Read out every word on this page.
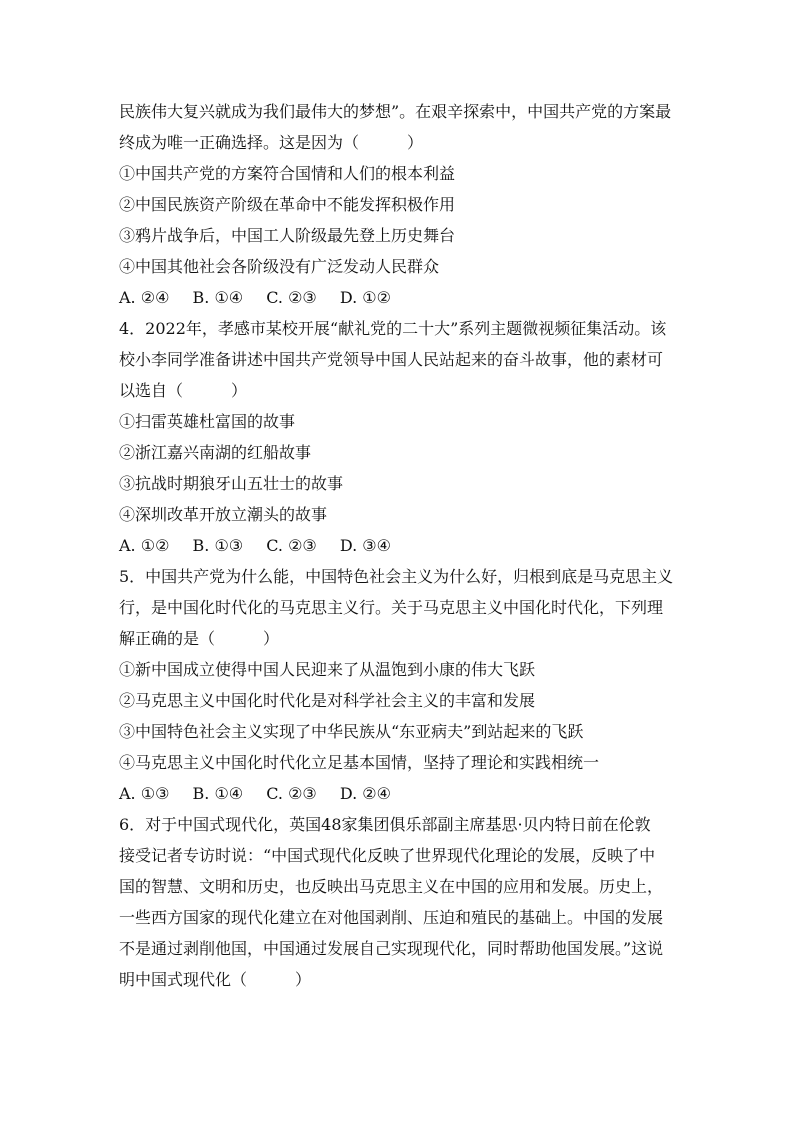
民族伟大复兴就成为我们最伟大的梦想”。在艰辛探索中，中国共产党的方案最
终成为唯一正确选择。这是因为（　　　）
①中国共产党的方案符合国情和人们的根本利益
②中国民族资产阶级在革命中不能发挥积极作用
③鸦片战争后，中国工人阶级最先登上历史舞台
④中国其他社会各阶级没有广泛发动人民群众
A. ②④ B. ①④ C. ②③ D. ①②
4．2022年，孝感市某校开展“献礼党的二十大”系列主题微视频征集活动。该
校小李同学准备讲述中国共产党领导中国人民站起来的奋斗故事，他的素材可
以选自（　　　）
①扫雷英雄杜富国的故事
②浙江嘉兴南湖的红船故事
③抗战时期狼牙山五壮士的故事
④深圳改革开放立潮头的故事
A. ①② B. ①③ C. ②③ D. ③④
5．中国共产党为什么能，中国特色社会主义为什么好，归根到底是马克思主义
行，是中国化时代化的马克思主义行。关于马克思主义中国化时代化，下列理
解正确的是（　　　）
①新中国成立使得中国人民迎来了从温饱到小康的伟大飞跃
②马克思主义中国化时代化是对科学社会主义的丰富和发展
③中国特色社会主义实现了中华民族从“东亚病夫”到站起来的飞跃
④马克思主义中国化时代化立足基本国情，坚持了理论和实践相统一
A. ①③ B. ①④ C. ②③ D. ②④
6．对于中国式现代化，英国48家集团俱乐部副主席基思·贝内特日前在伦敦
接受记者专访时说：“中国式现代化反映了世界现代化理论的发展，反映了中
国的智慧、文明和历史，也反映出马克思主义在中国的应用和发展。历史上，
一些西方国家的现代化建立在对他国剥削、压迫和殖民的基础上。中国的发展
不是通过剥削他国，中国通过发展自己实现现代化，同时帮助他国发展。”这说
明中国式现代化（　　　）
